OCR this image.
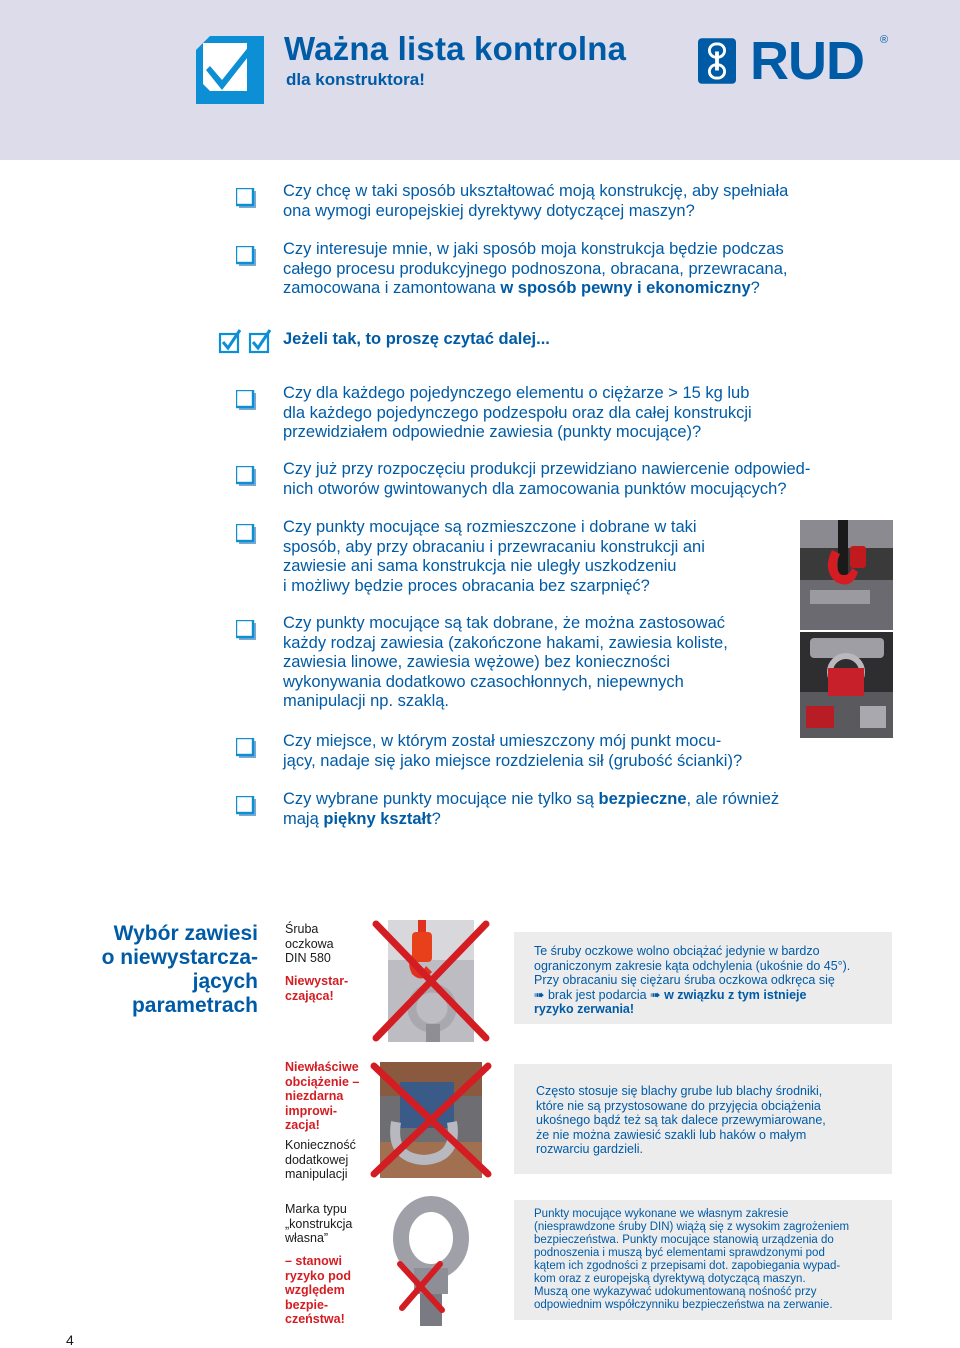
Ważna lista kontrolna
dla konstruktora!	RUD ®
Czy chcę w taki sposób ukształtować moją konstrukcję, aby spełniała
ona wymogi europejskiej dyrektywy dotyczącej maszyn?
Czy interesuje mnie, w jaki sposób moja konstrukcja będzie podczas
całego procesu produkcyjnego podnoszona, obracana, przewracana,
zamocowana i zamontowana w sposób pewny i ekonomiczny?
Jeżeli tak, to proszę czytać dalej...
Czy dla każdego pojedynczego elementu o ciężarze > 15 kg lub
dla każdego pojedynczego podzespołu oraz dla całej konstrukcji
przewidziałem odpowiednie zawiesia (punkty mocujące)?
Czy już przy rozpoczęciu produkcji przewidziano nawiercenie odpowied-
nich otworów gwintowanych dla zamocowania punktów mocujących?
Czy punkty mocujące są rozmieszczone i dobrane w taki
sposób, aby przy obracaniu i przewracaniu konstrukcji ani
zawiesie ani sama konstrukcja nie uległy uszkodzeniu
i możliwy będzie proces obracania bez szarpnięć?
Czy punkty mocujące są tak dobrane, że można zastosować
każdy rodzaj zawiesia (zakończone hakami, zawiesia koliste,
zawiesia linowe, zawiesia wężowe) bez konieczności
wykonywania dodatkowo czasochłonnych, niepewnych
manipulacji np. szaklą.
Czy miejsce, w którym został umieszczony mój punkt mocu-
jący, nadaje się jako miejsce rozdzielenia sił (grubość ścianki)?
Czy wybrane punkty mocujące nie tylko są bezpieczne, ale również
mają piękny kształt?
Wybór zawiesi
o niewystarcza-
jących
parametrach
Śruba
oczkowa
DIN 580
Niewystar-
czająca!
Te śruby oczkowe wolno obciążać jedynie w bardzo
ograniczonym zakresie kąta odchylenia (ukośnie do 45°).
Przy obracaniu się ciężaru śruba oczkowa odkręca się
➠ brak jest podarcia ➠ w związku z tym istnieje
ryzyko zerwania!
Niewłaściwe
obciążenie –
niezdarna
improwi-
zacja!
Konieczność
dodatkowej
manipulacji
Często stosuje się blachy grube lub blachy środniki,
które nie są przystosowane do przyjęcia obciążenia
ukośnego bądź też są tak dalece przewymiarowane,
że nie można zawiesić szakli lub haków o małym
rozwarciu gardzieli.
Marka typu
„konstrukcja
własna”
– stanowi
ryzyko pod
względem
bezpie-
czeństwa!
Punkty mocujące wykonane we własnym zakresie
(niesprawdzone śruby DIN) wiążą się z wysokim zagrożeniem
bezpieczeństwa. Punkty mocujące stanowią urządzenia do
podnoszenia i muszą być elementami sprawdzonymi pod
kątem ich zgodności z przepisami dot. zapobiegania wypad-
kom oraz z europejską dyrektywą dotyczącą maszyn.
Muszą one wykazywać udokumentowaną nośność przy
odpowiednim współczynniku bezpieczeństwa na zerwanie.
4
